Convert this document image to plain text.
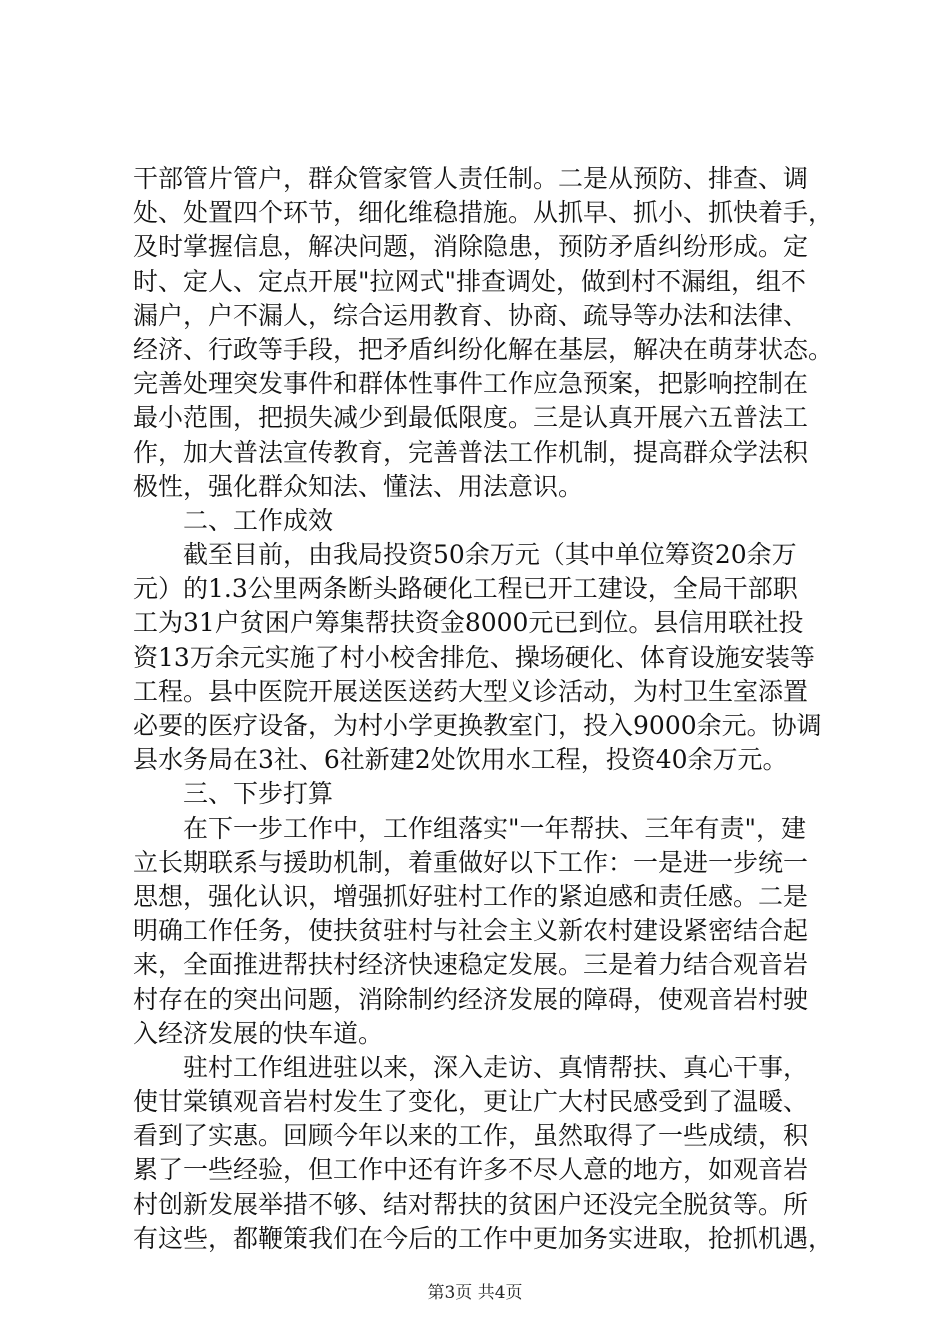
干部管片管户，群众管家管人责任制。二是从预防、排查、调
处、处置四个环节，细化维稳措施。从抓早、抓小、抓快着手，
及时掌握信息，解决问题，消除隐患，预防矛盾纠纷形成。定
时、定人、定点开展"拉网式"排查调处，做到村不漏组，组不
漏户，户不漏人，综合运用教育、协商、疏导等办法和法律、
经济、行政等手段，把矛盾纠纷化解在基层，解决在萌芽状态。
完善处理突发事件和群体性事件工作应急预案，把影响控制在
最小范围，把损失减少到最低限度。三是认真开展六五普法工
作，加大普法宣传教育，完善普法工作机制，提高群众学法积
极性，强化群众知法、懂法、用法意识。
二、工作成效
截至目前，由我局投资50余万元（其中单位筹资20余万
元）的1.3公里两条断头路硬化工程已开工建设，全局干部职
工为31户贫困户筹集帮扶资金8000元已到位。县信用联社投
资13万余元实施了村小校舍排危、操场硬化、体育设施安装等
工程。县中医院开展送医送药大型义诊活动，为村卫生室添置
必要的医疗设备，为村小学更换教室门，投入9000余元。协调
县水务局在3社、6社新建2处饮用水工程，投资40余万元。
三、下步打算
在下一步工作中，工作组落实"一年帮扶、三年有责"，建
立长期联系与援助机制，着重做好以下工作：一是进一步统一
思想，强化认识，增强抓好驻村工作的紧迫感和责任感。二是
明确工作任务，使扶贫驻村与社会主义新农村建设紧密结合起
来，全面推进帮扶村经济快速稳定发展。三是着力结合观音岩
村存在的突出问题，消除制约经济发展的障碍，使观音岩村驶
入经济发展的快车道。
驻村工作组进驻以来，深入走访、真情帮扶、真心干事，
使甘棠镇观音岩村发生了变化，更让广大村民感受到了温暖、
看到了实惠。回顾今年以来的工作，虽然取得了一些成绩，积
累了一些经验，但工作中还有许多不尽人意的地方，如观音岩
村创新发展举措不够、结对帮扶的贫困户还没完全脱贫等。所
有这些，都鞭策我们在今后的工作中更加务实进取，抢抓机遇，
第3页 共4页
